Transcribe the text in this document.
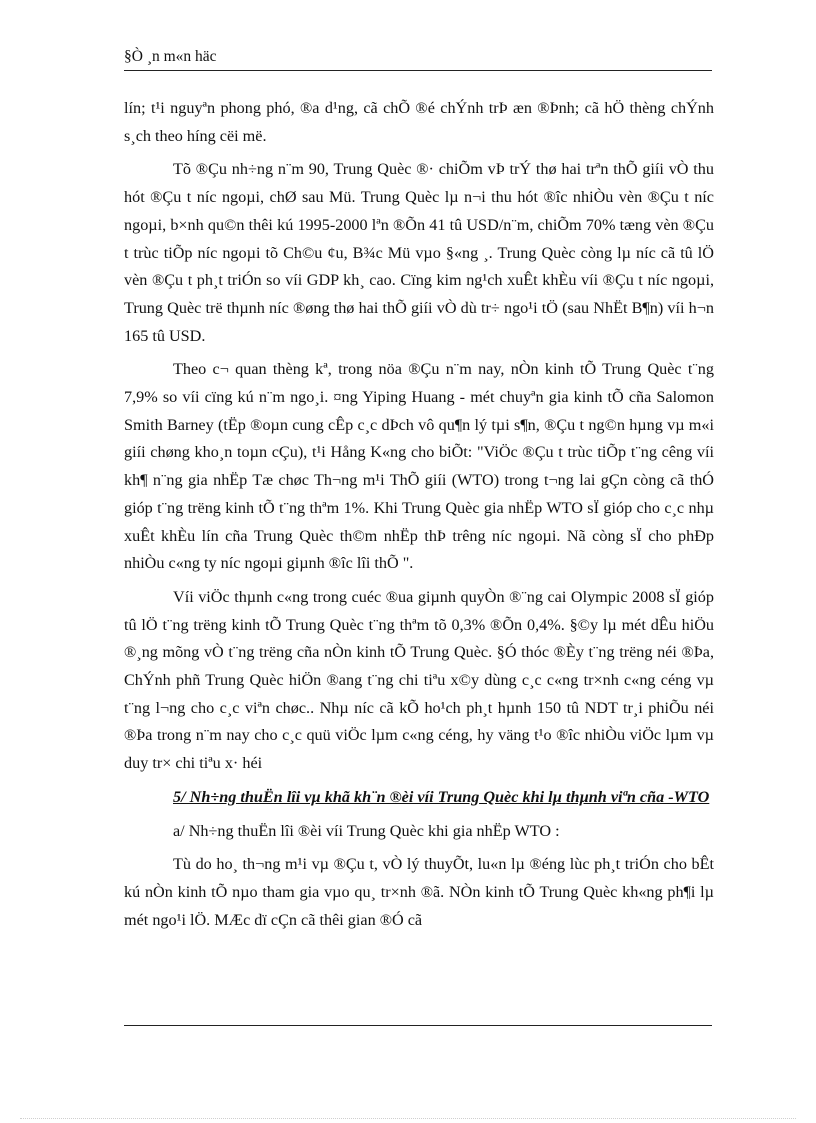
§Ò ¸n m«n häc

lín; t¹i nguyªn phong phó, ®a d¹ng, cã chÕ ®é chÝnh trÞ æn ®Þnh; cã hÖ thèng chÝnh s¸ch theo híng cëi më.

Tõ ®Çu nh÷ng n¨m 90, Trung Quèc ®· chiÕm vÞ trÝ thø hai trªn thÕ giíi vÒ thu hót ®Çu t níc ngoµi, chØ sau Mü. Trung Quèc lµ n¬i thu hót ®îc nhiÒu vèn ®Çu t níc ngoµi, b×nh qu©n thêi kú 1995-2000 lªn ®Õn 41 tû USD/n¨m, chiÕm 70% tæng vèn ®Çu t trùc tiÕp níc ngoµi tõ Ch©u ¢u, B¾c Mü vµo §«ng ¸. Trung Quèc còng lµ níc cã tû lÖ vèn ®Çu t ph¸t triÓn so víi GDP kh¸ cao. Cïng kim ng¹ch xuÊt khÈu víi ®Çu t níc ngoµi, Trung Quèc trë thµnh níc ®øng thø hai thÕ giíi vÒ dù tr÷ ngo¹i tÖ (sau NhËt B¶n) víi h¬n 165 tû USD.

Theo c¬ quan thèng kª, trong nöa ®Çu n¨m nay, nÒn kinh tÕ Trung Quèc t¨ng 7,9% so víi cïng kú n¨m ngo¸i. ¤ng Yiping Huang - mét chuyªn gia kinh tÕ cña Salomon Smith Barney (tËp ®oµn cung cÊp c¸c dÞch vô qu¶n lý tµi s¶n, ®Çu t ng©n hµng vµ m«i giíi chøng kho¸n toµn cÇu), t¹i Hång K«ng cho biÕt: "ViÖc ®Çu t trùc tiÕp t¨ng cêng víi kh¶ n¨ng gia nhËp Tæ chøc Th¬ng m¹i ThÕ giíi (WTO) trong t¬ng lai gÇn còng cã thÓ gióp t¨ng trëng kinh tÕ t¨ng thªm 1%. Khi Trung Quèc gia nhËp WTO sÏ gióp cho c¸c nhµ xuÊt khÈu lín cña Trung Quèc th©m nhËp thÞ trêng níc ngoµi. Nã còng sÏ cho phÐp nhiÒu c«ng ty níc ngoµi giµnh ®îc lîi thÕ ".

Víi viÖc thµnh c«ng trong cuéc ®ua giµnh quyÒn ®¨ng cai Olympic 2008 sÏ gióp tû lÖ t¨ng trëng kinh tÕ Trung Quèc t¨ng thªm tõ 0,3% ®Õn 0,4%. §©y lµ mét dÊu hiÖu ®¸ng mõng vÒ t¨ng trëng cña nÒn kinh tÕ Trung Quèc. §Ó thóc ®Èy t¨ng trëng néi ®Þa, ChÝnh phñ Trung Quèc hiÖn ®ang t¨ng chi tiªu x©y dùng c¸c c«ng tr×nh c«ng céng vµ t¨ng l¬ng cho c¸c viªn chøc.. Nhµ níc cã kÕ ho¹ch ph¸t hµnh 150 tû NDT tr¸i phiÕu néi ®Þa trong n¨m nay cho c¸c quü viÖc lµm c«ng céng, hy väng t¹o ®îc nhiÒu viÖc lµm vµ duy tr× chi tiªu x· héi

5/ Nh÷ng thuËn lîi vµ khã kh¨n ®èi víi Trung Quèc khi lµ thµnh viªn cña -WTO

a/ Nh÷ng thuËn lîi ®èi víi Trung Quèc khi gia nhËp WTO :

Tù do ho¸ th¬ng m¹i vµ ®Çu t, vÒ lý thuyÕt, lu«n lµ ®éng lùc ph¸t triÓn cho bÊt kú nÒn kinh tÕ nµo tham gia vµo qu¸ tr×nh ®ã. NÒn kinh tÕ Trung Quèc kh«ng ph¶i lµ mét ngo¹i lÖ. MÆc dï cÇn cã thêi gian ®Ó cã
